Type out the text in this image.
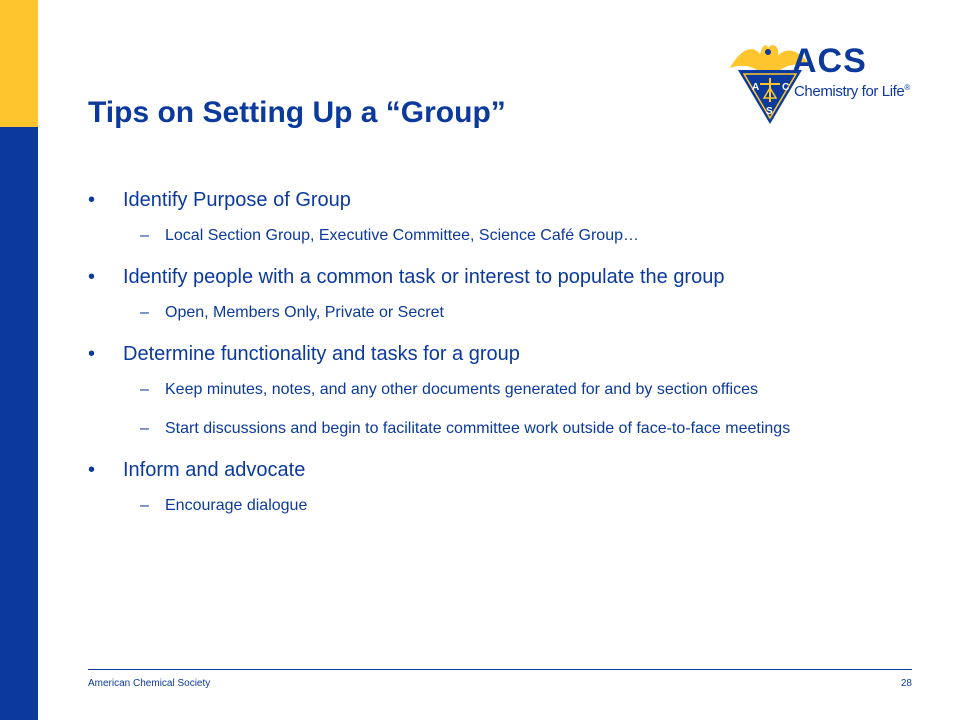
A C
S
ACS
Chemistry for Life®
Tips on Setting Up a “Group”
• Identify Purpose of Group
– Local Section Group, Executive Committee, Science Café Group…
• Identify people with a common task or interest to populate the group
– Open, Members Only, Private or Secret
• Determine functionality and tasks for a group
– Keep minutes, notes, and any other documents generated for and by section offices
– Start discussions and begin to facilitate committee work outside of face-to-face meetings
• Inform and advocate
– Encourage dialogue
American Chemical Society	28
